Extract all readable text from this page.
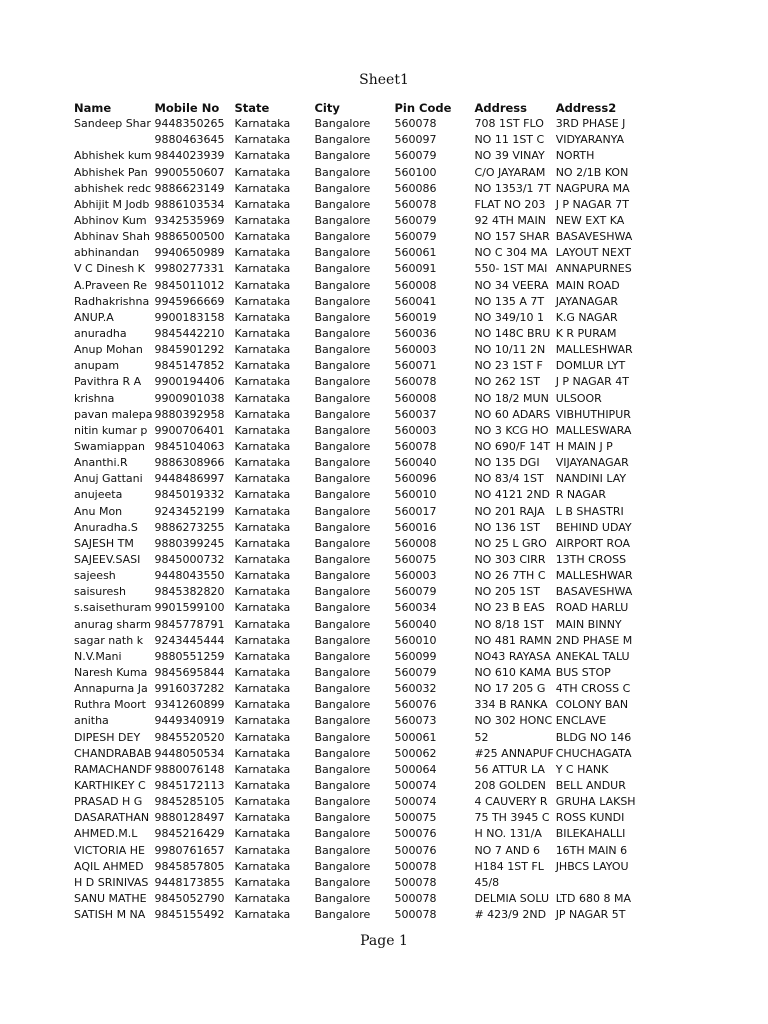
Sheet1
Name	Mobile No	State	City	Pin Code	Address	Address2
Sandeep Shar	9448350265	Karnataka	Bangalore	560078	708 1ST FLO	3RD PHASE J
	9880463645	Karnataka	Bangalore	560097	NO 11 1ST C	VIDYARANYA
Abhishek kum	9844023939	Karnataka	Bangalore	560079	NO 39 VINAY	NORTH
Abhishek Pan	9900550607	Karnataka	Bangalore	560100	C/O JAYARAM	NO 2/1B KON
abhishek redc	9886623149	Karnataka	Bangalore	560086	NO 1353/1 7T	NAGPURA MA
Abhijit M Jodb	9886103534	Karnataka	Bangalore	560078	FLAT NO 203	J P NAGAR 7T
Abhinov Kum	9342535969	Karnataka	Bangalore	560079	92 4TH MAIN	NEW EXT KA
Abhinav Shah	9886500500	Karnataka	Bangalore	560079	NO 157 SHAR	BASAVESHWA
abhinandan	9940650989	Karnataka	Bangalore	560061	NO C 304 MA	LAYOUT NEXT
V C Dinesh K	9980277331	Karnataka	Bangalore	560091	550- 1ST MAI	ANNAPURNES
A.Praveen Re	9845011012	Karnataka	Bangalore	560008	NO 34 VEERA	MAIN ROAD
Radhakrishna	9945966669	Karnataka	Bangalore	560041	NO 135 A 7T	JAYANAGAR
ANUP.A	9900183158	Karnataka	Bangalore	560019	NO 349/10 1	K.G NAGAR
anuradha	9845442210	Karnataka	Bangalore	560036	NO 148C BRU	K R PURAM
Anup Mohan	9845901292	Karnataka	Bangalore	560003	NO 10/11 2N	MALLESHWAR
anupam	9845147852	Karnataka	Bangalore	560071	NO 23 1ST F	DOMLUR LYT
Pavithra R A	9900194406	Karnataka	Bangalore	560078	NO 262 1ST	J P NAGAR 4T
krishna	9900901038	Karnataka	Bangalore	560008	NO 18/2 MUN	ULSOOR
pavan malepa	9880392958	Karnataka	Bangalore	560037	NO 60 ADARS	VIBHUTHIPUR
nitin kumar p	9900706401	Karnataka	Bangalore	560003	NO 3 KCG HO	MALLESWARA
Swamiappan	9845104063	Karnataka	Bangalore	560078	NO 690/F 14T	H MAIN J P
Ananthi.R	9886308966	Karnataka	Bangalore	560040	NO 135 DGI	VIJAYANAGAR
Anuj Gattani	9448486997	Karnataka	Bangalore	560096	NO 83/4 1ST	NANDINI LAY
anujeeta	9845019332	Karnataka	Bangalore	560010	NO 4121 2ND	R NAGAR
Anu Mon	9243452199	Karnataka	Bangalore	560017	NO 201 RAJA	L B SHASTRI
Anuradha.S	9886273255	Karnataka	Bangalore	560016	NO 136 1ST	BEHIND UDAY
SAJESH TM	9880399245	Karnataka	Bangalore	560008	NO 25 L GRO	AIRPORT ROA
SAJEEV.SASI	9845000732	Karnataka	Bangalore	560075	NO 303 CIRR	13TH CROSS
sajeesh	9448043550	Karnataka	Bangalore	560003	NO 26 7TH C	MALLESHWAR
saisuresh	9845382820	Karnataka	Bangalore	560079	NO 205 1ST	BASAVESHWA
s.saisethuram	9901599100	Karnataka	Bangalore	560034	NO 23 B EAS	ROAD HARLU
anurag sharm	9845778791	Karnataka	Bangalore	560040	NO 8/18 1ST	MAIN BINNY
sagar nath k	9243445444	Karnataka	Bangalore	560010	NO 481 RAMN	2ND PHASE M
N.V.Mani	9880551259	Karnataka	Bangalore	560099	NO43 RAYASA	ANEKAL TALU
Naresh Kuma	9845695844	Karnataka	Bangalore	560079	NO 610 KAMA	BUS STOP
Annapurna Ja	9916037282	Karnataka	Bangalore	560032	NO 17 205 G	4TH CROSS C
Ruthra Moort	9341260899	Karnataka	Bangalore	560076	334 B RANKA	COLONY BAN
anitha	9449340919	Karnataka	Bangalore	560073	NO 302 HONC	ENCLAVE
DIPESH DEY	9845520520	Karnataka	Bangalore	500061	52	BLDG NO 146
CHANDRABAB	9448050534	Karnataka	Bangalore	500062	#25 ANNAPUF	CHUCHAGATA
RAMACHANDF	9880076148	Karnataka	Bangalore	500064	56 ATTUR LA	Y C HANK
KARTHIKEY C	9845172113	Karnataka	Bangalore	500074	208 GOLDEN	BELL ANDUR
PRASAD H G	9845285105	Karnataka	Bangalore	500074	4 CAUVERY R	GRUHA LAKSH
DASARATHAN	9880128497	Karnataka	Bangalore	500075	75 TH 3945 C	ROSS KUNDI
AHMED.M.L	9845216429	Karnataka	Bangalore	500076	H NO. 131/A	BILEKAHALLI
VICTORIA HE	9980761657	Karnataka	Bangalore	500076	NO 7 AND 6	16TH MAIN 6
AQIL AHMED	9845857805	Karnataka	Bangalore	500078	H184 1ST FL	JHBCS LAYOU
H D SRINIVAS	9448173855	Karnataka	Bangalore	500078	45/8	
SANU MATHE	9845052790	Karnataka	Bangalore	500078	DELMIA SOLU	LTD 680 8 MA
SATISH M NA	9845155492	Karnataka	Bangalore	500078	# 423/9 2ND	JP NAGAR 5T
Page 1
